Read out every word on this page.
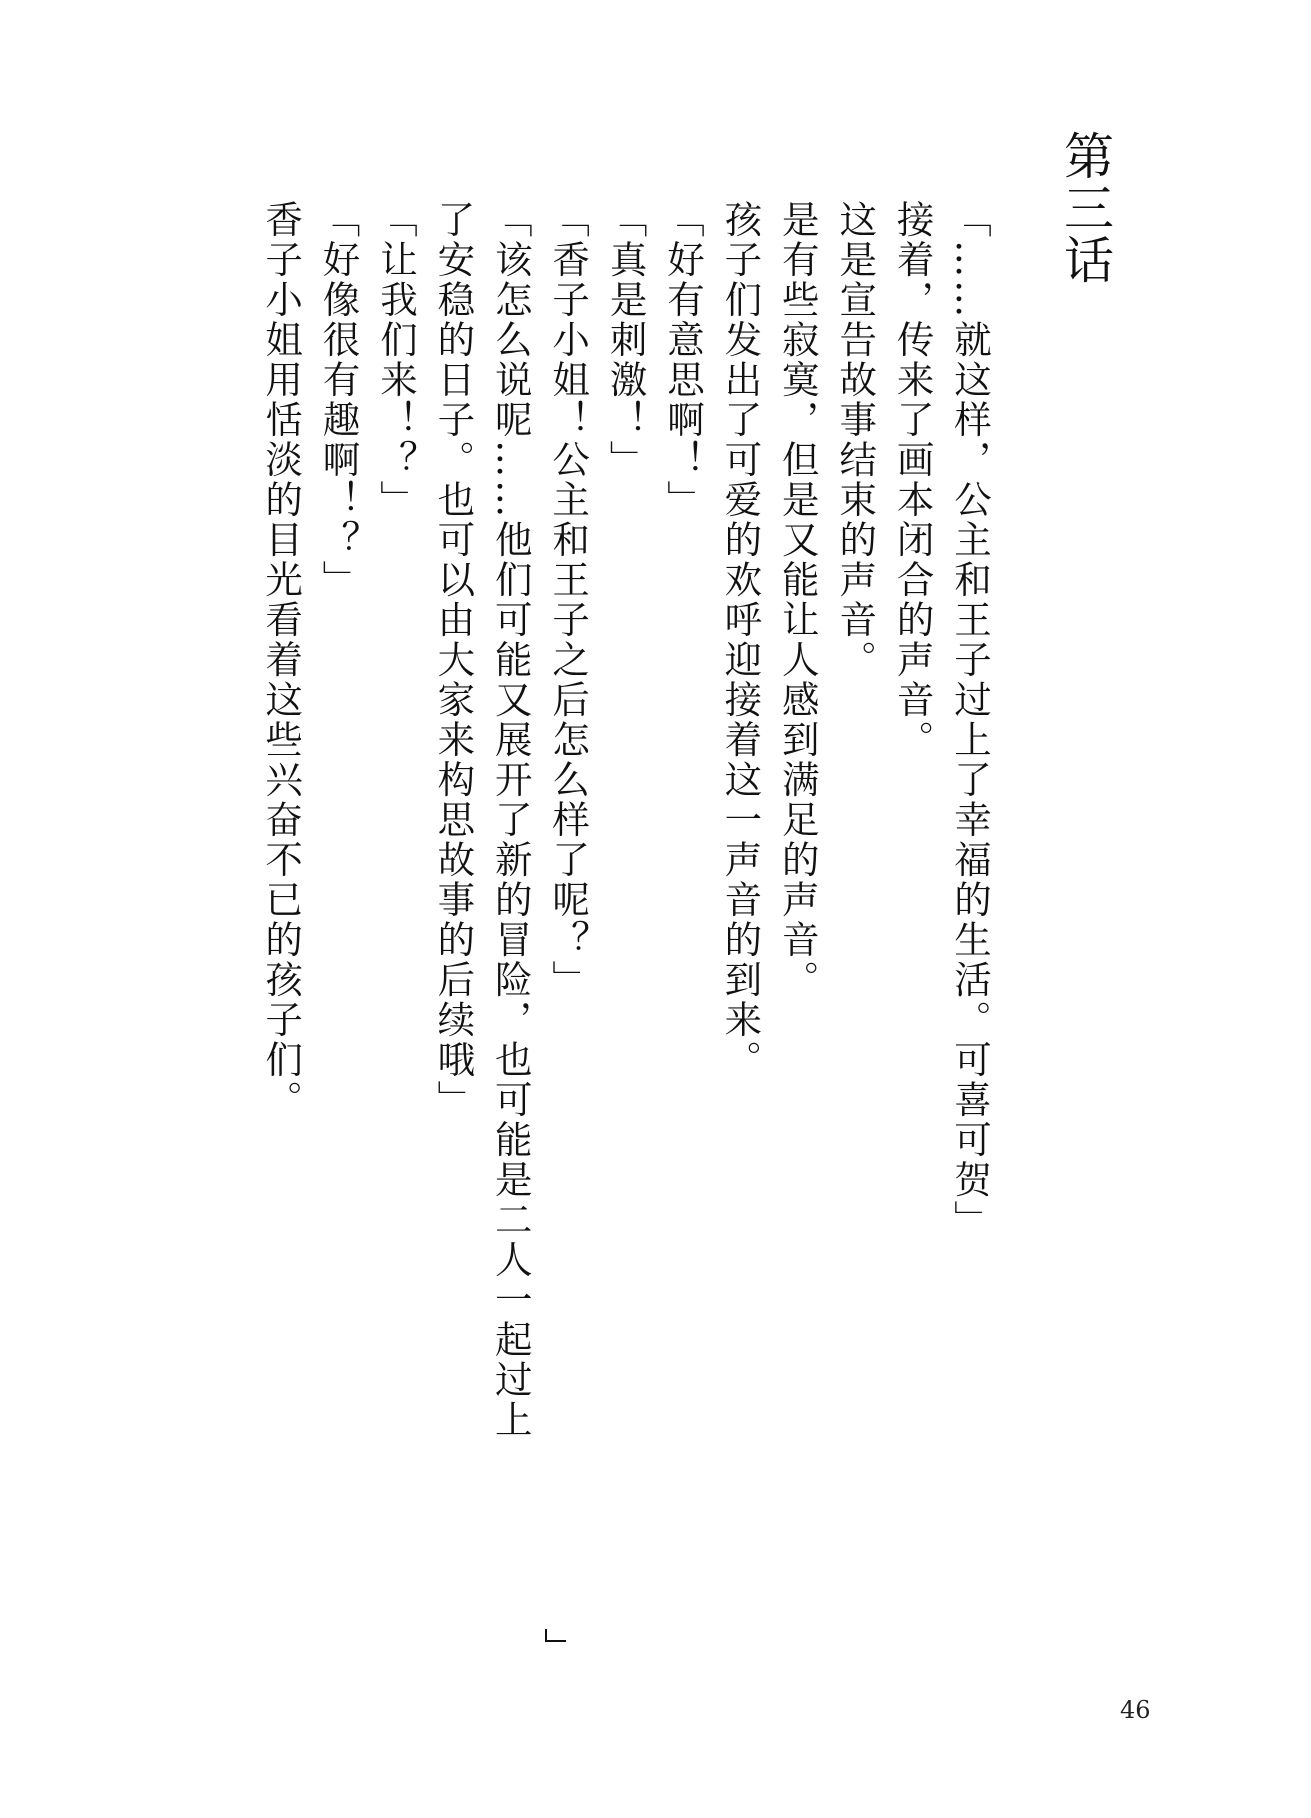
第三话

「……就这样，公主和王子过上了幸福的生活。可喜可贺」

接着，传来了画本闭合的声音。

这是宣告故事结束的声音。

是有些寂寞，但是又能让人感到满足的声音。

孩子们发出了可爱的欢呼迎接着这一声音的到来。

「好有意思啊！」

「真是刺激！」

「香子小姐！公主和王子之后怎么样了呢？」

「该怎么说呢……他们可能又展开了新的冒险，也可能是二人一起过上了安稳的日子。也可以由大家来构思故事的后续哦」

「让我们来！？」

「好像很有趣啊！？」

香子小姐用恬淡的目光看着这些兴奋不已的孩子们。

46
